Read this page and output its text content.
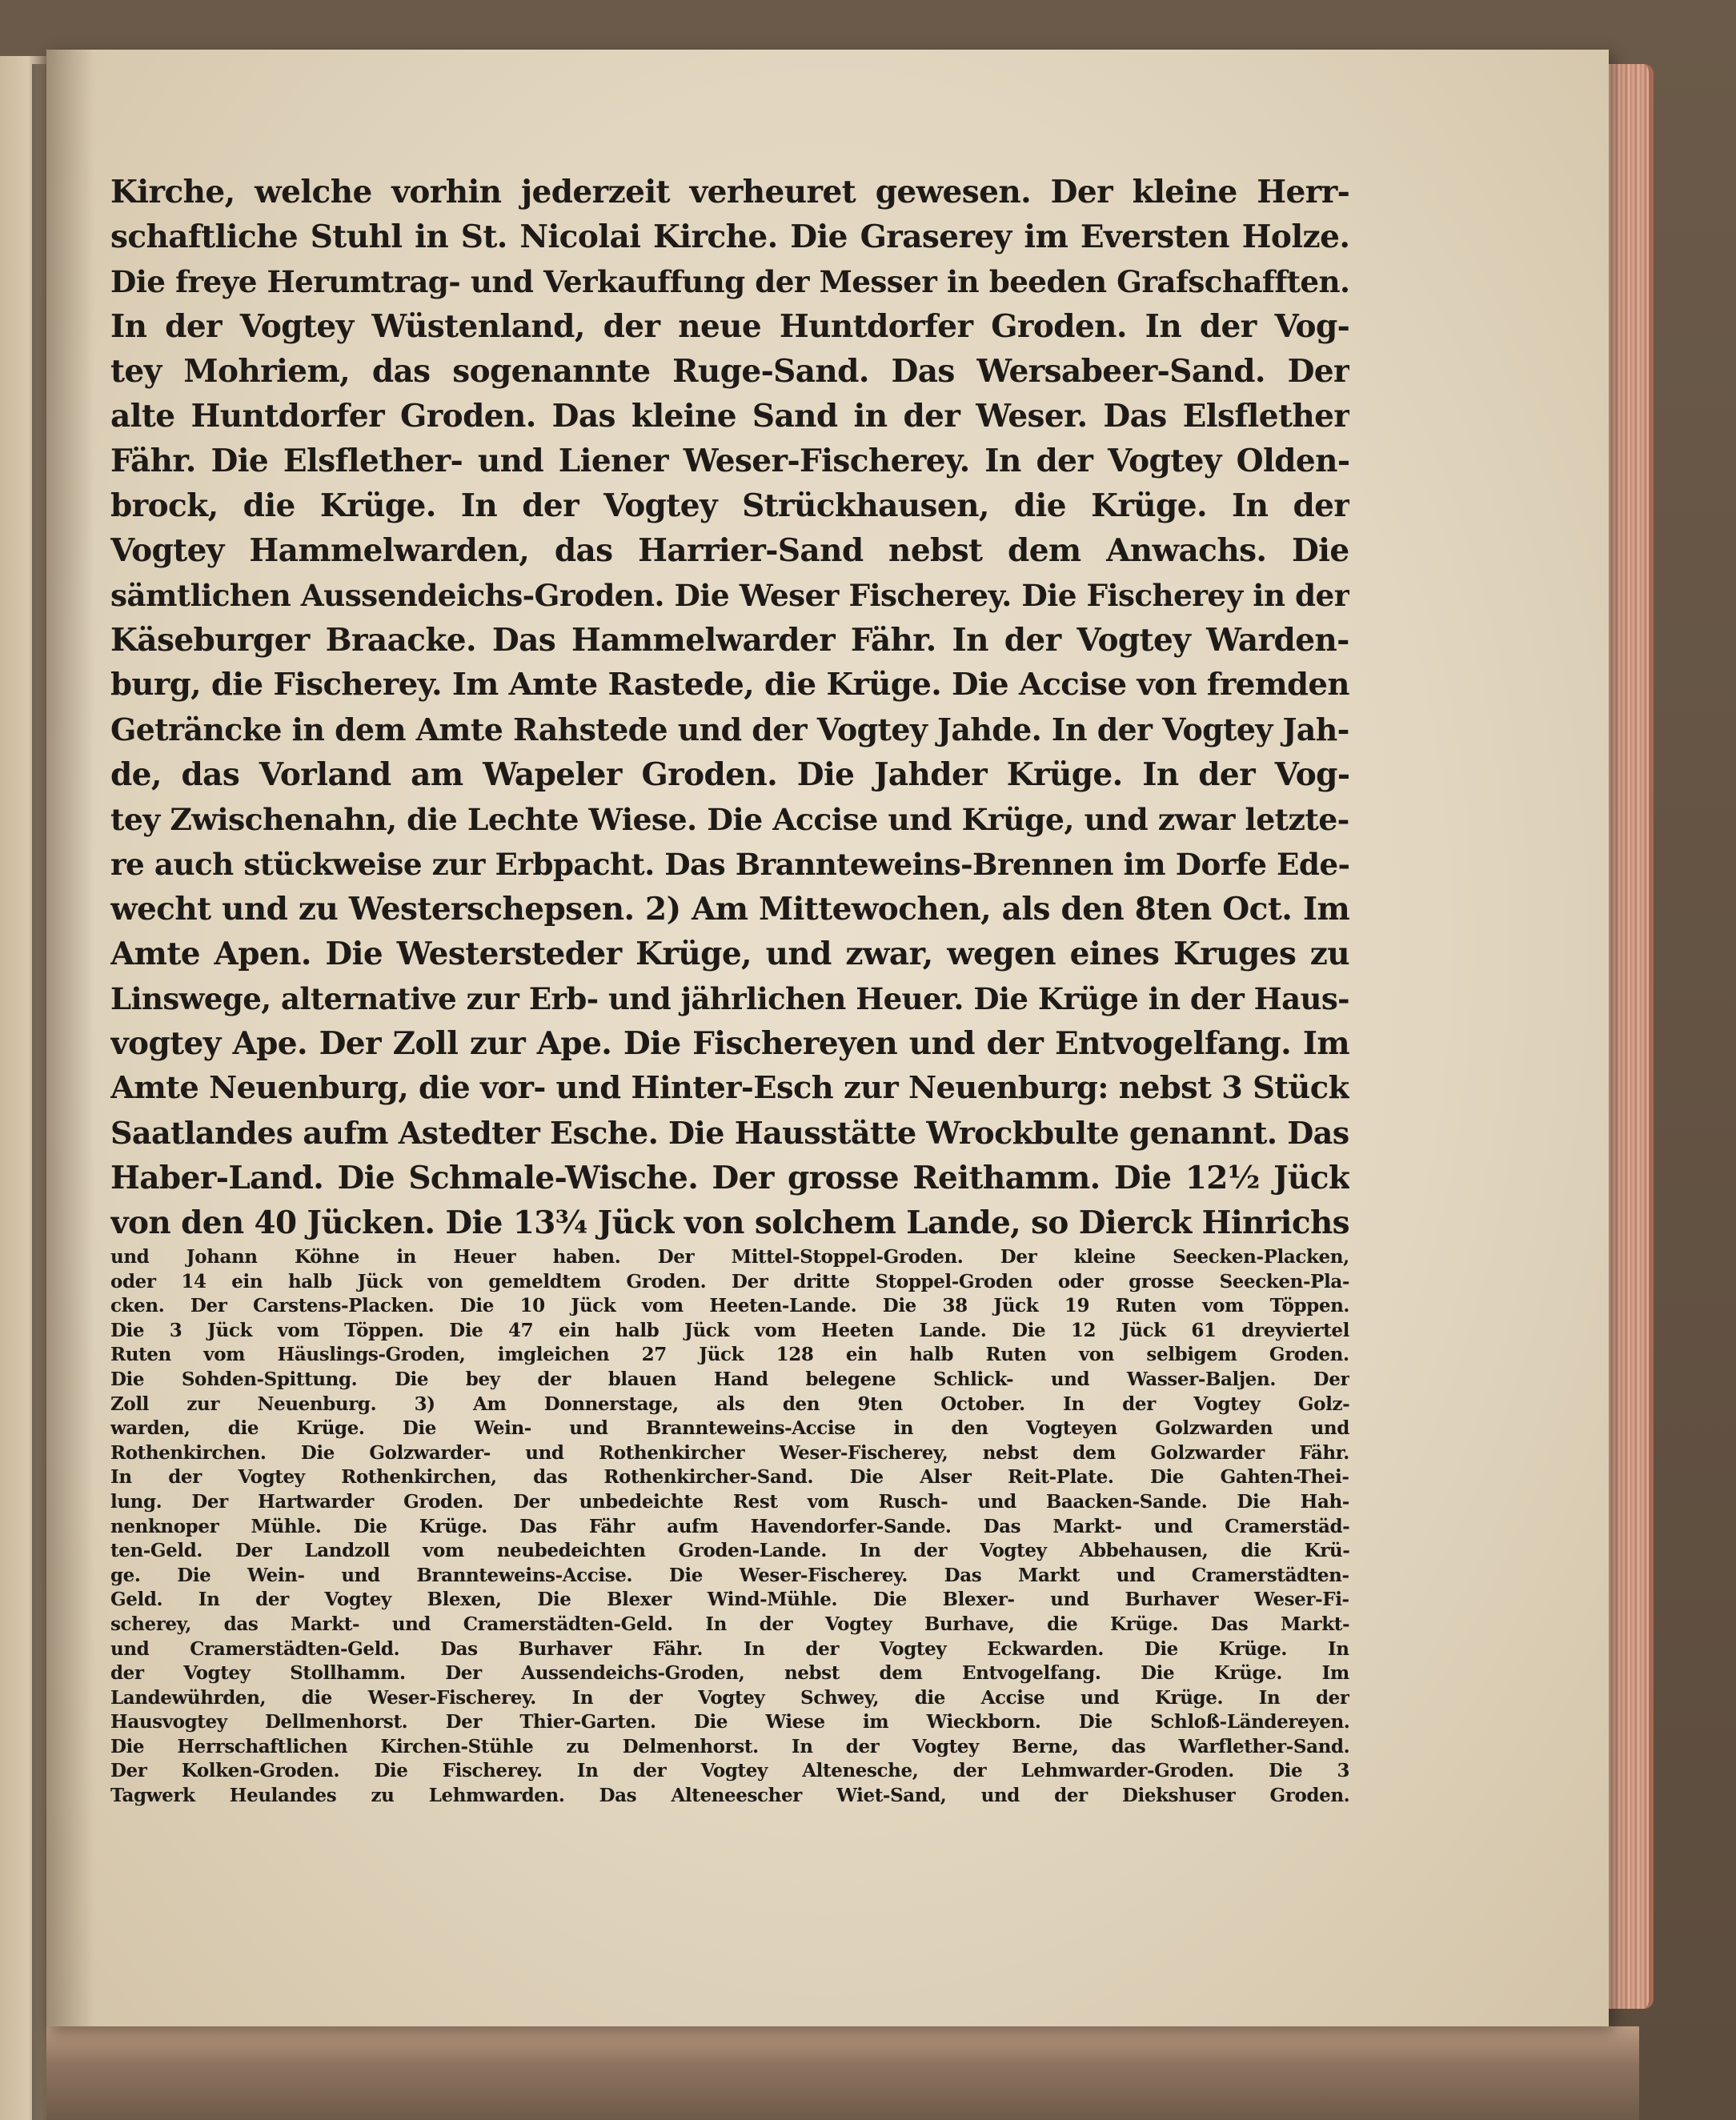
Kirche, welche vorhin jederzeit verheuret gewesen. Der kleine Herr-
schaftliche Stuhl in St. Nicolai Kirche. Die Graserey im Eversten Holze.
Die freye Herumtrag- und Verkauffung der Messer in beeden Grafschafften.
In der Vogtey Wüstenland, der neue Huntdorfer Groden. In der Vog-
tey Mohriem, das sogenannte Ruge-Sand. Das Wersabeer-Sand. Der
alte Huntdorfer Groden. Das kleine Sand in der Weser. Das Elsflether
Fähr. Die Elsflether- und Liener Weser-Fischerey. In der Vogtey Olden-
brock, die Krüge. In der Vogtey Strückhausen, die Krüge. In der
Vogtey Hammelwarden, das Harrier-Sand nebst dem Anwachs. Die
sämtlichen Aussendeichs-Groden. Die Weser Fischerey. Die Fischerey in der
Käseburger Braacke. Das Hammelwarder Fähr. In der Vogtey Warden-
burg, die Fischerey. Im Amte Rastede, die Krüge. Die Accise von fremden
Geträncke in dem Amte Rahstede und der Vogtey Jahde. In der Vogtey Jah-
de, das Vorland am Wapeler Groden. Die Jahder Krüge. In der Vog-
tey Zwischenahn, die Lechte Wiese. Die Accise und Krüge, und zwar letzte-
re auch stückweise zur Erbpacht. Das Brannteweins-Brennen im Dorfe Ede-
wecht und zu Westerschepsen. 2) Am Mittewochen, als den 8ten Oct. Im
Amte Apen. Die Westersteder Krüge, und zwar, wegen eines Kruges zu
Linswege, alternative zur Erb- und jährlichen Heuer. Die Krüge in der Haus-
vogtey Ape. Der Zoll zur Ape. Die Fischereyen und der Entvogelfang. Im
Amte Neuenburg, die vor- und Hinter-Esch zur Neuenburg: nebst 3 Stück
Saatlandes aufm Astedter Esche. Die Hausstätte Wrockbulte genannt. Das
Haber-Land. Die Schmale-Wische. Der grosse Reithamm. Die 12½ Jück
von den 40 Jücken. Die 13¾ Jück von solchem Lande, so Dierck Hinrichs
und Johann Köhne in Heuer haben. Der Mittel-Stoppel-Groden. Der kleine Seecken-Placken,
oder 14 ein halb Jück von gemeldtem Groden. Der dritte Stoppel-Groden oder grosse Seecken-Pla-
cken. Der Carstens-Placken. Die 10 Jück vom Heeten-Lande. Die 38 Jück 19 Ruten vom Töppen.
Die 3 Jück vom Töppen. Die 47 ein halb Jück vom Heeten Lande. Die 12 Jück 61 dreyviertel
Ruten vom Häuslings-Groden, imgleichen 27 Jück 128 ein halb Ruten von selbigem Groden.
Die Sohden-Spittung. Die bey der blauen Hand belegene Schlick- und Wasser-Baljen. Der
Zoll zur Neuenburg. 3) Am Donnerstage, als den 9ten October. In der Vogtey Golz-
warden, die Krüge. Die Wein- und Brannteweins-Accise in den Vogteyen Golzwarden und
Rothenkirchen. Die Golzwarder- und Rothenkircher Weser-Fischerey, nebst dem Golzwarder Fähr.
In der Vogtey Rothenkirchen, das Rothenkircher-Sand. Die Alser Reit-Plate. Die Gahten-Thei-
lung. Der Hartwarder Groden. Der unbedeichte Rest vom Rusch- und Baacken-Sande. Die Hah-
nenknoper Mühle. Die Krüge. Das Fähr aufm Havendorfer-Sande. Das Markt- und Cramerstäd-
ten-Geld. Der Landzoll vom neubedeichten Groden-Lande. In der Vogtey Abbehausen, die Krü-
ge. Die Wein- und Brannteweins-Accise. Die Weser-Fischerey. Das Markt und Cramerstädten-
Geld. In der Vogtey Blexen, Die Blexer Wind-Mühle. Die Blexer- und Burhaver Weser-Fi-
scherey, das Markt- und Cramerstädten-Geld. In der Vogtey Burhave, die Krüge. Das Markt-
und Cramerstädten-Geld. Das Burhaver Fähr. In der Vogtey Eckwarden. Die Krüge. In
der Vogtey Stollhamm. Der Aussendeichs-Groden, nebst dem Entvogelfang. Die Krüge. Im
Landewührden, die Weser-Fischerey. In der Vogtey Schwey, die Accise und Krüge. In der
Hausvogtey Dellmenhorst. Der Thier-Garten. Die Wiese im Wieckborn. Die Schloß-Ländereyen.
Die Herrschaftlichen Kirchen-Stühle zu Delmenhorst. In der Vogtey Berne, das Warflether-Sand.
Der Kolken-Groden. Die Fischerey. In der Vogtey Altenesche, der Lehmwarder-Groden. Die 3
Tagwerk Heulandes zu Lehmwarden. Das Alteneescher Wiet-Sand, und der Diekshuser Groden.
